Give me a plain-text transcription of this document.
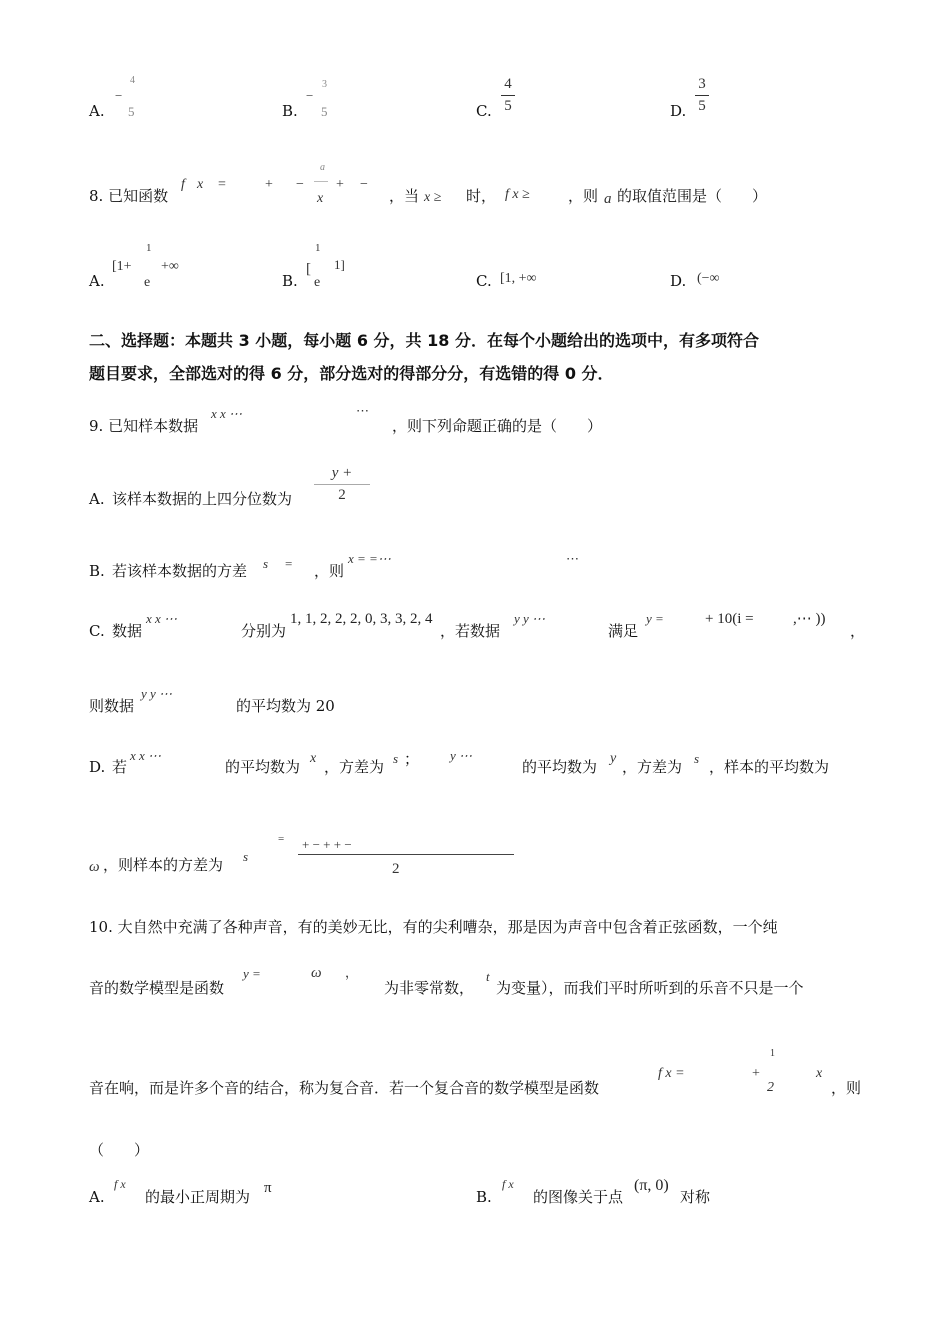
A.
−
4
5	B.
−
3
5	C.
4
5	D.
3
5
8. 已知函数
f x =	+ −
a
x
+ −
，当 x ≥ 时， f x ≥	，则 a 的取值范围是（　　）
A.
[1+
1
e
+∞
B.
[
1
e
1]
C. [1, +∞	D. (−∞
二、选择题：本题共 3 小题，每小题 6 分，共 18 分．在每个小题给出的选项中，有多项符合
题目要求，全部选对的得 6 分，部分选对的得部分分，有选错的得 0 分．
9. 已知样本数据
x x ⋯	⋯
，则下列命题正确的是（　　）
A. 该样本数据的上四分位数为
y +
2
B. 若该样本数据的方差 s = ，则
x = =⋯	⋯
C. 数据
x x ⋯
分别为
1, 1, 2, 2, 2, 0, 3, 3, 2, 4
，若数据
y y ⋯
满足
y =	+ 10(i =	,⋯ ))
，
则数据
y y ⋯
的平均数为 20
D. 若
x x ⋯
的平均数为 x ，方差为 s ； y ⋯
的平均数为 y ，方差为 s ，样本的平均数为
ω ，则样本的方差为 s
= + − + + −
2
10. 大自然中充满了各种声音，有的美妙无比，有的尖利嘈杂，那是因为声音中包含着正弦函数，一个纯
音的数学模型是函数
y =	ω ，
为非零常数，
t
为变量），而我们平时所听到的乐音不只是一个
音在响，而是许多个音的结合，称为复合音．若一个复合音的数学模型是函数
f x =	+
1
2
x
，则
（　　）
A.
f x
的最小正周期为 π	B.
f x
的图像关于点
(π, 0)
对称
